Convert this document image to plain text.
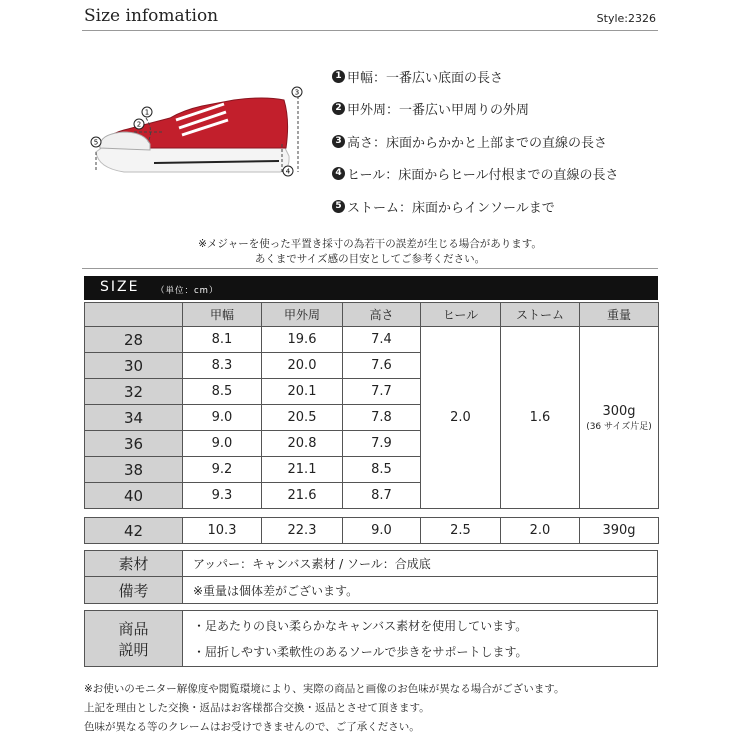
Size infomation	Style:2326
1
2
3
4
5
1 甲幅：一番広い底面の長さ
2 甲外周：一番広い甲周りの外周
3 高さ：床面からかかと上部までの直線の長さ
4 ヒール：床面からヒール付根までの直線の長さ
5 ストーム：床面からインソールまで
※メジャーを使った平置き採寸の為若干の誤差が生じる場合があります。
あくまでサイズ感の目安としてご参考ください。
SIZE （単位：cm）
	甲幅	甲外周	高さ	ヒール	ストーム	重量
28	8.1	19.6	7.4	2.0	1.6	300g
(36 サイズ片足)

30	8.3	20.0	7.6			
32	8.5	20.1	7.7			
34	9.0	20.5	7.8			
36	9.0	20.8	7.9			
38	9.2	21.1	8.5			
40	9.3	21.6	8.7			
42	10.3	22.3	9.0	2.5	2.0	390g
素材	アッパー：キャンバス素材 / ソール：合成底
備考	※重量は個体差がございます。
商品
説明

・足あたりの良い柔らかなキャンバス素材を使用しています。
・屈折しやすい柔軟性のあるソールで歩きをサポートします。
※お使いのモニター解像度や閲覧環境により、実際の商品と画像のお色味が異なる場合がございます。
上記を理由とした交換・返品はお客様都合交換・返品とさせて頂きます。
色味が異なる等のクレームはお受けできませんので、ご了承ください。
